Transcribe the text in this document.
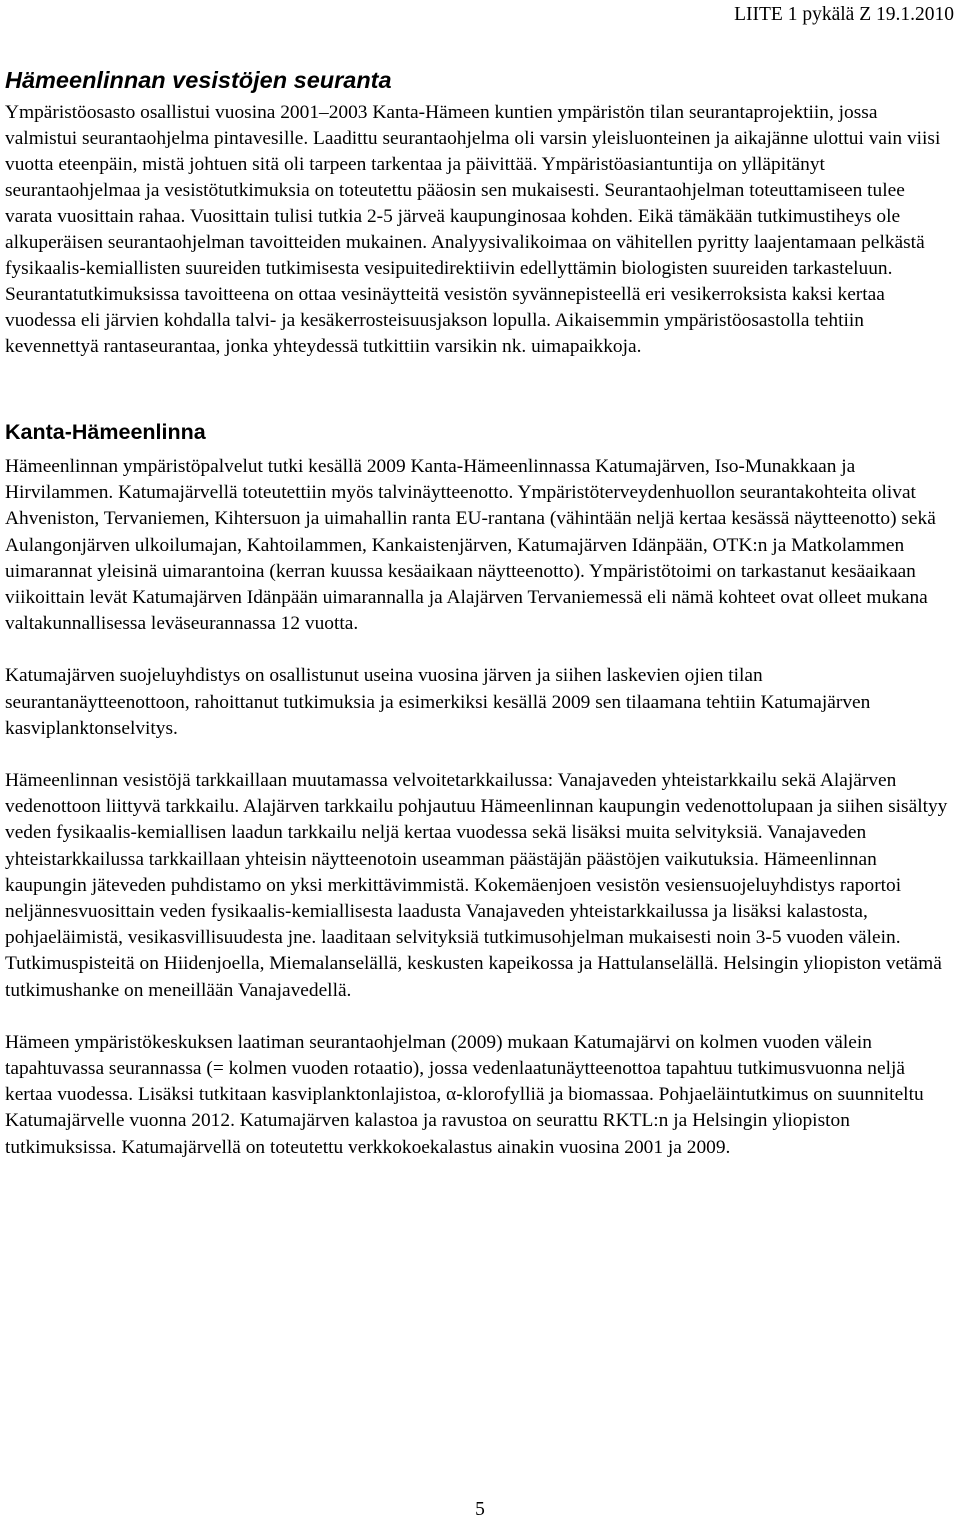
LIITE 1 pykälä Z 19.1.2010
Hämeenlinnan vesistöjen seuranta

Ympäristöosasto osallistui vuosina 2001–2003 Kanta-Hämeen kuntien ympäristön tilan seurantaprojektiin, jossa valmistui seurantaohjelma pintavesille. Laadittu seurantaohjelma oli varsin yleisluonteinen ja aikajänne ulottui vain viisi vuotta eteenpäin, mistä johtuen sitä oli tarpeen tarkentaa ja päivittää. Ympäristöasiantuntija on ylläpitänyt seurantaohjelmaa ja vesistötutkimuksia on toteutettu pääosin sen mukaisesti. Seurantaohjelman toteuttamiseen tulee varata vuosittain rahaa. Vuosittain tulisi tutkia 2-5 järveä kaupunginosaa kohden. Eikä tämäkään tutkimustiheys ole alkuperäisen seurantaohjelman tavoitteiden mukainen. Analyysivalikoimaa on vähitellen pyritty laajentamaan pelkästä fysikaalis-kemiallisten suureiden tutkimisesta vesipuitedirektiivin edellyttämin biologisten suureiden tarkasteluun. Seurantatutkimuksissa tavoitteena on ottaa vesinäytteitä vesistön syvännepisteellä eri vesikerroksista kaksi kertaa vuodessa eli järvien kohdalla talvi- ja kesäkerrosteisuusjakson lopulla. Aikaisemmin ympäristöosastolla tehtiin kevennettyä rantaseurantaa, jonka yhteydessä tutkittiin varsikin nk. uimapaikkoja.

Kanta-Hämeenlinna

Hämeenlinnan ympäristöpalvelut tutki kesällä 2009 Kanta-Hämeenlinnassa Katumajärven, Iso-Munakkaan ja Hirvilammen. Katumajärvellä toteutettiin myös talvinäytteenotto. Ympäristöterveydenhuollon seurantakohteita olivat Ahveniston, Tervaniemen, Kihtersuon ja uimahallin ranta EU-rantana (vähintään neljä kertaa kesässä näytteenotto) sekä Aulangonjärven ulkoilumajan, Kahtoilammen, Kankaistenjärven, Katumajärven Idänpään, OTK:n ja Matkolammen uimarannat yleisinä uimarantoina (kerran kuussa kesäaikaan näytteenotto). Ympäristötoimi on tarkastanut kesäaikaan viikoittain levät Katumajärven Idänpään uimarannalla ja Alajärven Tervaniemessä eli nämä kohteet ovat olleet mukana valtakunnallisessa leväseurannassa 12 vuotta.

Katumajärven suojeluyhdistys on osallistunut useina vuosina järven ja siihen laskevien ojien tilan seurantanäytteenottoon, rahoittanut tutkimuksia ja esimerkiksi kesällä 2009 sen tilaamana tehtiin Katumajärven kasviplanktonselvitys.

Hämeenlinnan vesistöjä tarkkaillaan muutamassa velvoitetarkkailussa: Vanajaveden yhteistarkkailu sekä Alajärven vedenottoon liittyvä tarkkailu. Alajärven tarkkailu pohjautuu Hämeenlinnan kaupungin vedenottolupaan ja siihen sisältyy veden fysikaalis-kemiallisen laadun tarkkailu neljä kertaa vuodessa sekä lisäksi muita selvityksiä. Vanajaveden yhteistarkkailussa tarkkaillaan yhteisin näytteenotoin useamman päästäjän päästöjen vaikutuksia. Hämeenlinnan kaupungin jäteveden puhdistamo on yksi merkittävimmistä. Kokemäenjoen vesistön vesiensuojeluyhdistys raportoi neljännesvuosittain veden fysikaalis-kemiallisesta laadusta Vanajaveden yhteistarkkailussa ja lisäksi kalastosta, pohjaeläimistä, vesikasvillisuudesta jne. laaditaan selvityksiä tutkimusohjelman mukaisesti noin 3-5 vuoden välein. Tutkimuspisteitä on Hiidenjoella, Miemalanselällä, keskusten kapeikossa ja Hattulanselällä. Helsingin yliopiston vetämä tutkimushanke on meneillään Vanajavedellä.

Hämeen ympäristökeskuksen laatiman seurantaohjelman (2009) mukaan Katumajärvi on kolmen vuoden välein tapahtuvassa seurannassa (= kolmen vuoden rotaatio), jossa vedenlaatunäytteenottoa tapahtuu tutkimusvuonna neljä kertaa vuodessa. Lisäksi tutkitaan kasviplanktonlajistoa, α-klorofylliä ja biomassaa. Pohjaeläintutkimus on suunniteltu Katumajärvelle vuonna 2012. Katumajärven kalastoa ja ravustoa on seurattu RKTL:n ja Helsingin yliopiston tutkimuksissa. Katumajärvellä on toteutettu verkkokoekalastus ainakin vuosina 2001 ja 2009.

5
